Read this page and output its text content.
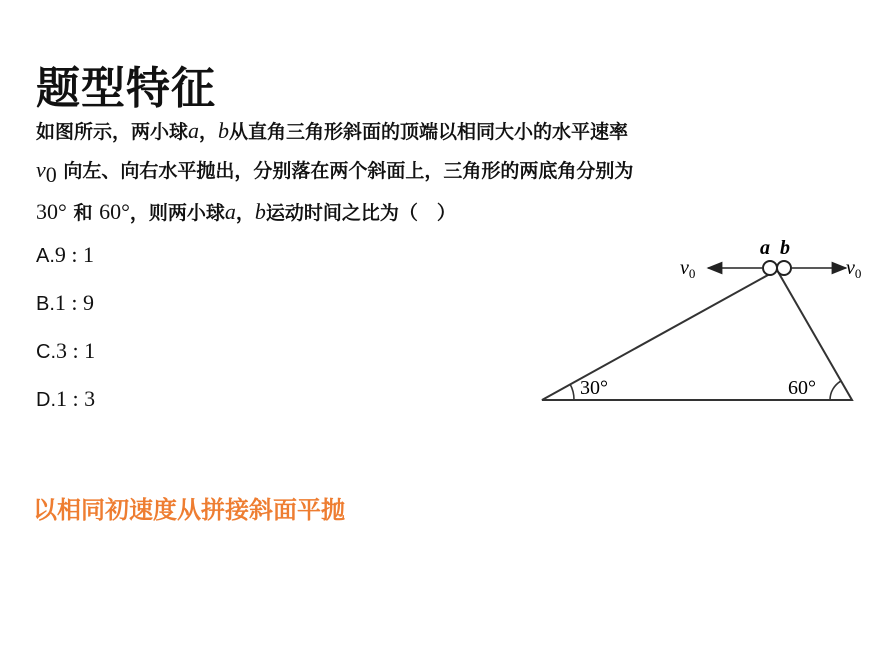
题型特征
如图所示，两小球a，b从直角三角形斜面的顶端以相同大小的水平速率
$v_0$ 向左、向右水平抛出，分别落在两个斜面上，三角形的两底角分别为
30° 和 60°，则两小球a，b运动时间之比为（　）
A.9 : 1
B.1 : 9
C.3 : 1
D.1 : 3
a b
$v_0$	$v_0$
30°	60°
以相同初速度从拼接斜面平抛
